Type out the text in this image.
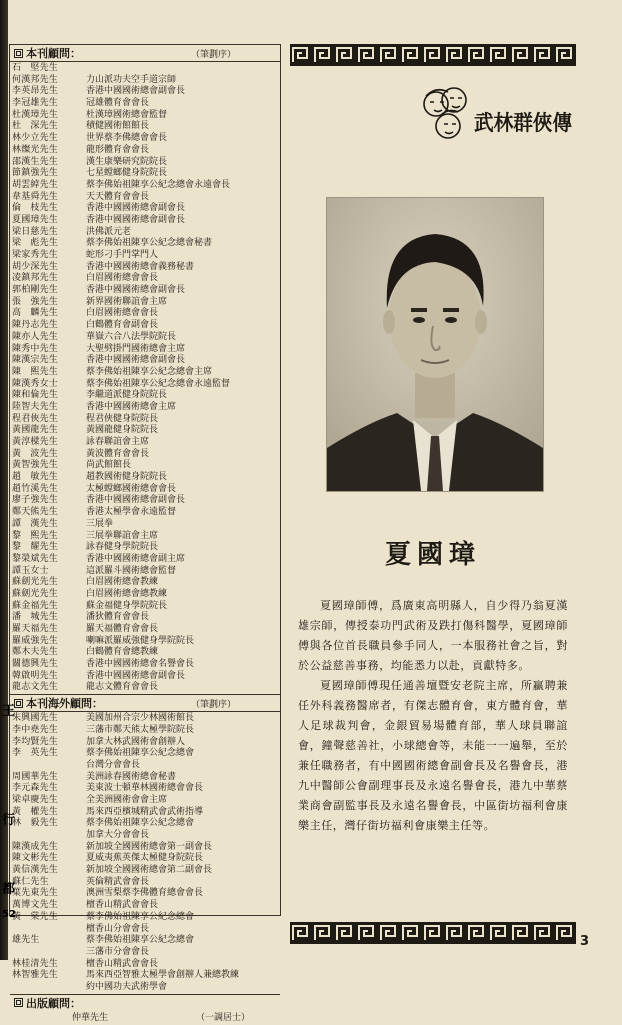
本刊顧問：	（筆劃序）
石　堅先生
何漢邦先生	力山派功夫空手道宗師
李英昂先生	香港中國國術總會副會長
李冠雄先生	冠雄體育會會長
杜漢璋先生	杜漢璋國術總會監督
杜　深先生	積健國術館館長
林少立先生	世界蔡李佛總會會長
林燦光先生	龍形體育會會長
邵漢生先生	漢生康樂研究院院長
節鎮強先生	七星螳螂健身院院長
胡雲綽先生	蔡李佛始祖陳享公紀念總會永遠會長
韋基舜先生	天天體育會會長
倫　枝先生	香港中國國術總會副會長
夏國璋先生	香港中國國術總會副會長
梁日慈先生	洪佛派元老
梁　彪先生	蔡李佛始祖陳享公紀念總會秘書
梁家秀先生	蛇形刁手門掌門人
胡少深先生	香港中國國術總會義務秘書
凌鎮邦先生	白眉國術總會會長
郭柏剛先生	香港中國國術總會副會長
張　強先生	新界國術聯誼會主席
高　麟先生	白眉國術總會會長
陳丹志先生	白鶴體育會副會長
陳亦人先生	華嶽六合八法學院院長
陳秀中先生	大聖劈掛門國術總會主席
陳漢宗先生	香港中國國術總會副會長
陳　熙先生	蔡李佛始祖陳享公紀念總會主席
陳漢秀女士	蔡李佛始祖陳享公紀念總會永遠監督
陳和倫先生	李繼道派健身院院長
陸智夫先生	香港中國國術總會主席
程君俠先生	程君俠健身院院長
黃國龍先生	黃國龍健身院院長
黃淳樑先生	詠春聯誼會主席
黃　波先生	黃波體育會會長
黃智強先生	尚武館館長
趙　敏先生	趙教國術健身院院長
趙竹溪先生	太極螳螂國術總會會長
廖子強先生	香港中國國術總會副會長
鄭天熊先生	香港太極學會永遠監督
譚　漢先生	三展拳
黎　熙先生	三展拳聯誼會主席
黎　耀先生	詠春健身學院院長
黎榮斌先生	香港中國國術總會副主席
譚玉女士	這派羅斗國術總會監督
蘇劍光先生	白眉國術總會教練
蘇劍光先生	白眉國術總會總教練
蘇金福先生	蘇金福健身學院院長
潘　城先生	潘狄體育會會長
羅天福先生	羅天福體育會會長
羅威強先生	喇嘛派羅威強健身學院院長
鄭木夫先生	白鶴體育會總教練
關德興先生	香港中國國術總會名譽會長
韓啟明先生	香港中國國術總會副會長
龍志文先生	龍志文體育會會長
本刊海外顧問：	（筆劃序）
朱興國先生	美國加州合宗少林國術館長
李中堯先生	三藩市鄭天熊太極學院院長
李均賢先生	加拿大林武國術會創辦人
李　英先生	蔡李佛始祖陳享公紀念總會
台灣分會會長
周國華先生	美洲詠春國術總會秘書
李元森先生	美東波士頓華林國術總會會長
梁卓慶先生	全美洲國術會會主席
黃　權先生	馬來西亞檳城精武會武術指導
林　毅先生	蔡李佛始祖陳享公紀念總會
加拿大分會會長
陳漢成先生	新加坡全國國術總會第一副會長
陳文彬先生	夏威夷蕉英傑太極健身院院長
黃信漢先生	新加坡全國國術總會第二副會長
蘇仁先生	英倫精武會會長
葉先東先生	澳洲雪梨蔡李佛體育總會會長
萬博文先生	檀香山精武會會長
黃　棠先生	蔡李佛始祖陳享公紀念總會
檀香山分會會長
雄先生	蔡李佛始祖陳享公紀念總會
三藩市分會會長
林桂清先生	檀香山精武會會長
林智雅先生	馬來西亞智雅太極學會創辦人兼總教練
約中國功夫武術學會
出版顧問：
仲華先生	（一調居士）
王
行
都
52
武林群俠傳
夏國璋

夏國璋師傅，爲廣東高明縣人，自少得乃翁夏漢雄宗師，傳授泰功門武術及跌打傷科醫學，夏國璋師傅與各位首長職員參手同人，一本服務社會之旨，對於公益慈善事務，均能悉力以赴，貢獻特多。

夏國璋師傅現任通善壇暨安老院主席，所贏聘兼任外科義務醫席者，有傑志體育會，東方體育會，華人足球裁判會，金銀貿易場體育部，華人球員聯誼會，鐘聲慈善社，小球總會等，未能一一遍舉，至於兼任職務者，有中國國術總會副會長及名譽會長，港九中醫師公會副理事長及永遠名譽會長，港九中華蔡業商會副監事長及永遠名譽會長，中區街坊福利會康樂主任，灣仔街坊福利會康樂主任等。

3
